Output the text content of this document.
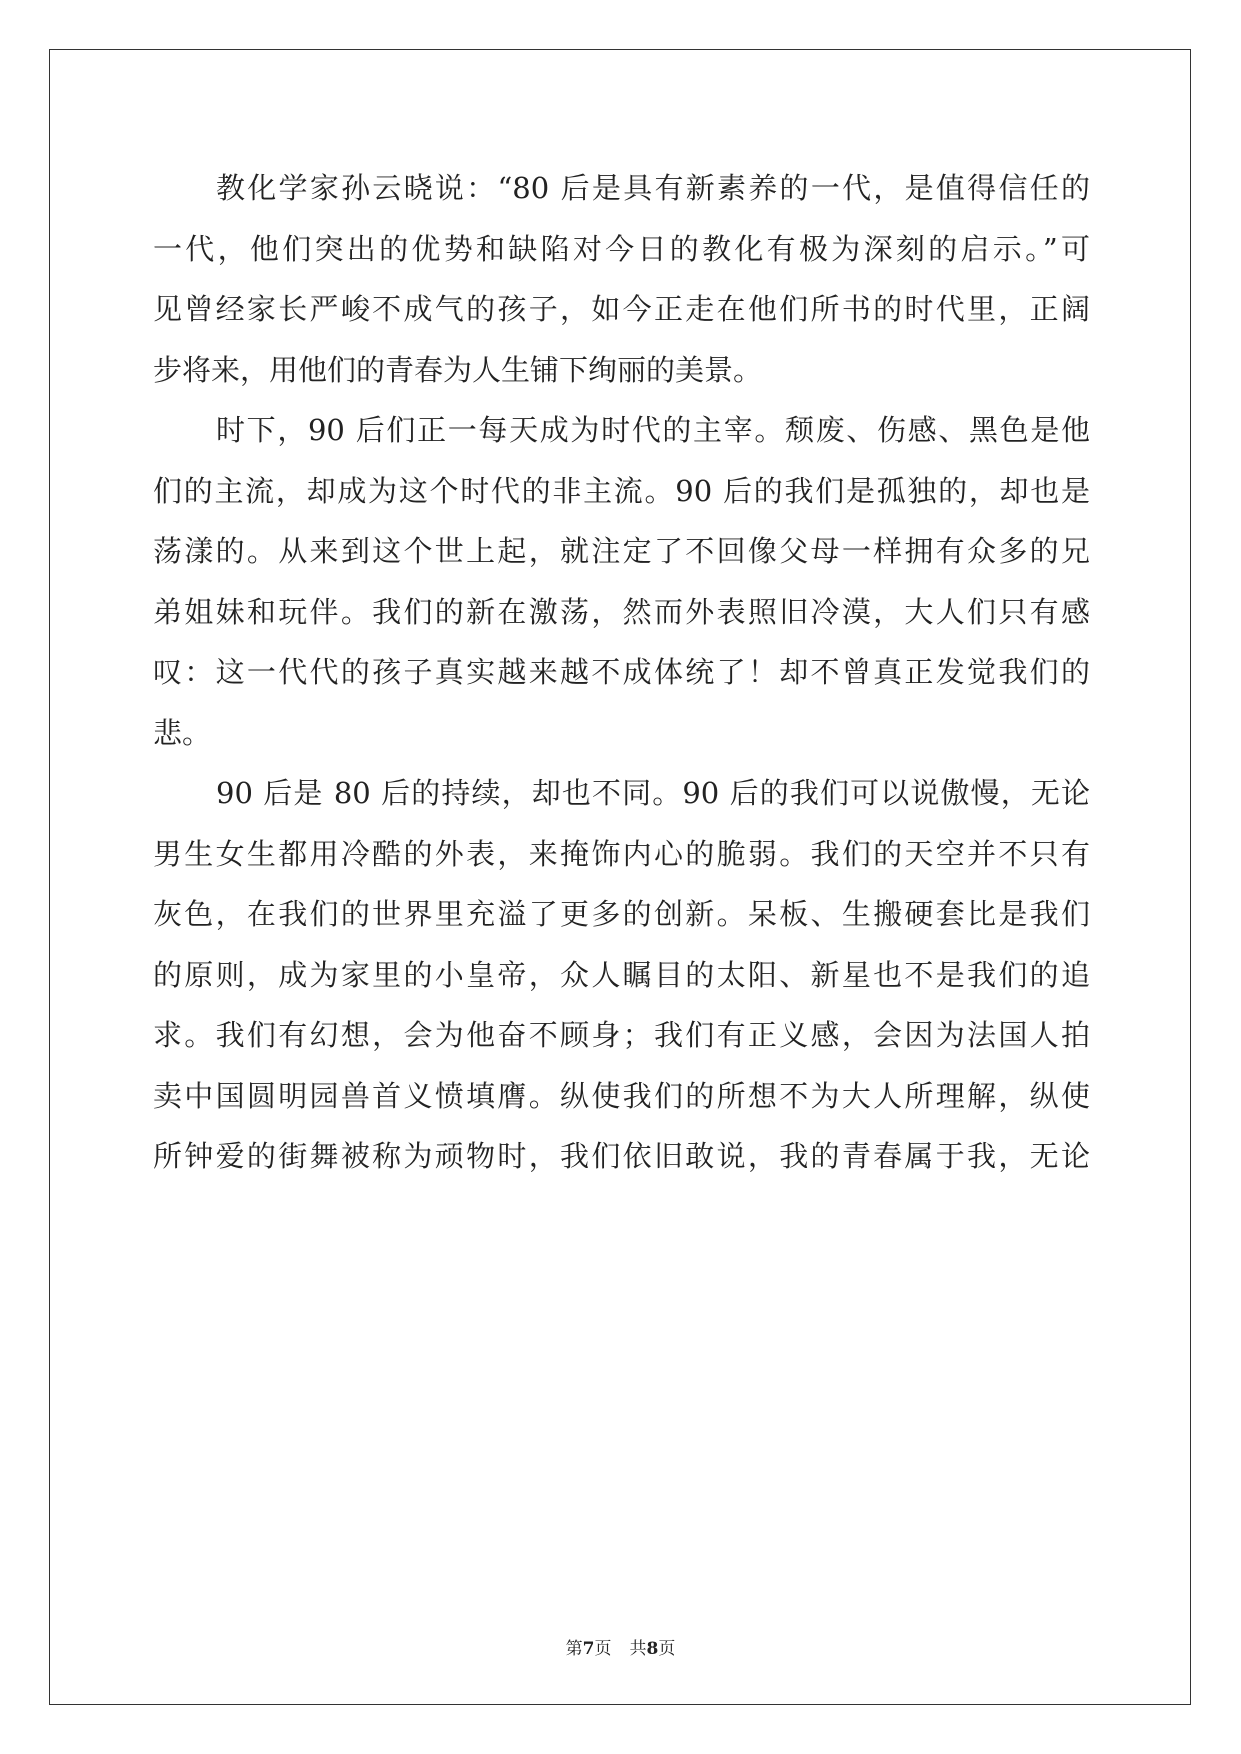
教化学家孙云晓说：“80 后是具有新素养的一代，是值得信任的
一代，他们突出的优势和缺陷对今日的教化有极为深刻的启示。”可
见曾经家长严峻不成气的孩子，如今正走在他们所书的时代里，正阔
步将来，用他们的青春为人生铺下绚丽的美景。
时下，90 后们正一每天成为时代的主宰。颓废、伤感、黑色是他
们的主流，却成为这个时代的非主流。90 后的我们是孤独的，却也是
荡漾的。从来到这个世上起，就注定了不回像父母一样拥有众多的兄
弟姐妹和玩伴。我们的新在激荡，然而外表照旧冷漠，大人们只有感
叹：这一代代的孩子真实越来越不成体统了！却不曾真正发觉我们的
悲。
90 后是 80 后的持续，却也不同。90 后的我们可以说傲慢，无论
男生女生都用冷酷的外表，来掩饰内心的脆弱。我们的天空并不只有
灰色，在我们的世界里充溢了更多的创新。呆板、生搬硬套比是我们
的原则，成为家里的小皇帝，众人瞩目的太阳、新星也不是我们的追
求。我们有幻想，会为他奋不顾身；我们有正义感，会因为法国人拍
卖中国圆明园兽首义愤填膺。纵使我们的所想不为大人所理解，纵使
所钟爱的街舞被称为顽物时，我们依旧敢说，我的青春属于我，无论
第7页 共8页
